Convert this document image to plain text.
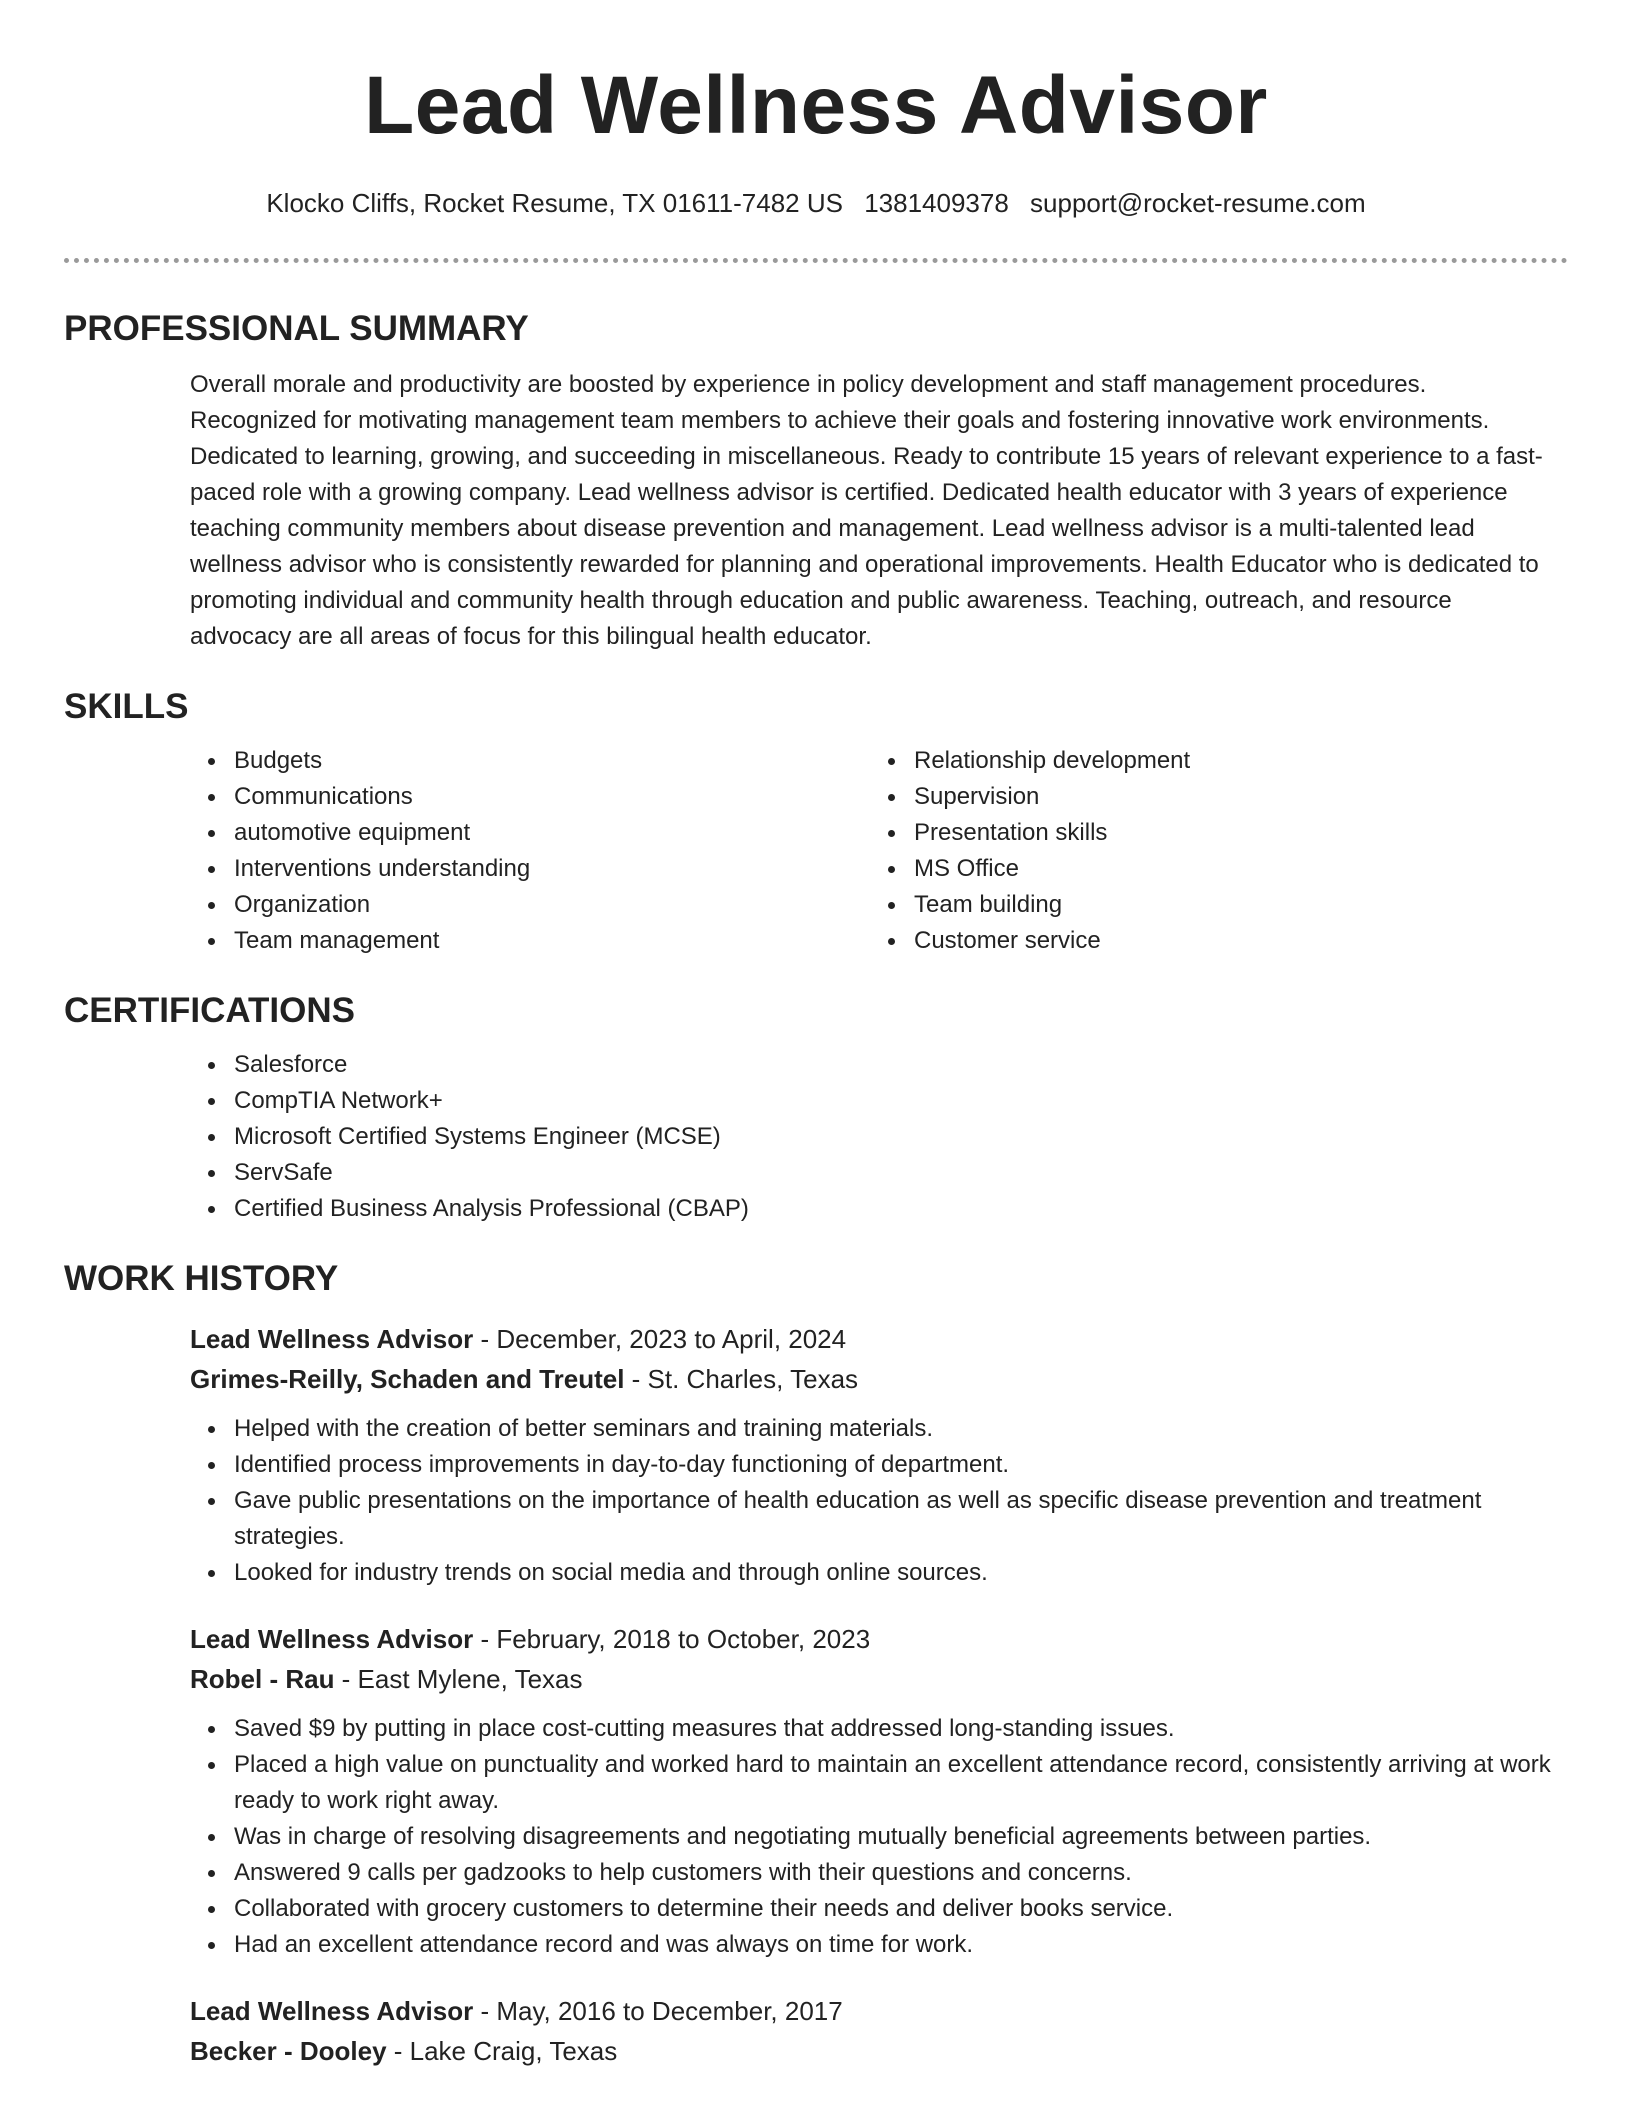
Lead Wellness Advisor
Klocko Cliffs, Rocket Resume, TX 01611-7482 US 1381409378 support@rocket-resume.com
PROFESSIONAL SUMMARY
Overall morale and productivity are boosted by experience in policy development and staff management procedures. Recognized for motivating management team members to achieve their goals and fostering innovative work environments. Dedicated to learning, growing, and succeeding in miscellaneous. Ready to contribute 15 years of relevant experience to a fast-paced role with a growing company. Lead wellness advisor is certified. Dedicated health educator with 3 years of experience teaching community members about disease prevention and management. Lead wellness advisor is a multi-talented lead wellness advisor who is consistently rewarded for planning and operational improvements. Health Educator who is dedicated to promoting individual and community health through education and public awareness. Teaching, outreach, and resource advocacy are all areas of focus for this bilingual health educator.
SKILLS
Budgets
Communications
automotive equipment
Interventions understanding
Organization
Team management
Relationship development
Supervision
Presentation skills
MS Office
Team building
Customer service
CERTIFICATIONS
Salesforce
CompTIA Network+
Microsoft Certified Systems Engineer (MCSE)
ServSafe
Certified Business Analysis Professional (CBAP)
WORK HISTORY
Lead Wellness Advisor - December, 2023 to April, 2024
Grimes-Reilly, Schaden and Treutel - St. Charles, Texas
Helped with the creation of better seminars and training materials.
Identified process improvements in day-to-day functioning of department.
Gave public presentations on the importance of health education as well as specific disease prevention and treatment strategies.
Looked for industry trends on social media and through online sources.
Lead Wellness Advisor - February, 2018 to October, 2023
Robel - Rau - East Mylene, Texas
Saved $9 by putting in place cost-cutting measures that addressed long-standing issues.
Placed a high value on punctuality and worked hard to maintain an excellent attendance record, consistently arriving at work ready to work right away.
Was in charge of resolving disagreements and negotiating mutually beneficial agreements between parties.
Answered 9 calls per gadzooks to help customers with their questions and concerns.
Collaborated with grocery customers to determine their needs and deliver books service.
Had an excellent attendance record and was always on time for work.
Lead Wellness Advisor - May, 2016 to December, 2017
Becker - Dooley - Lake Craig, Texas
